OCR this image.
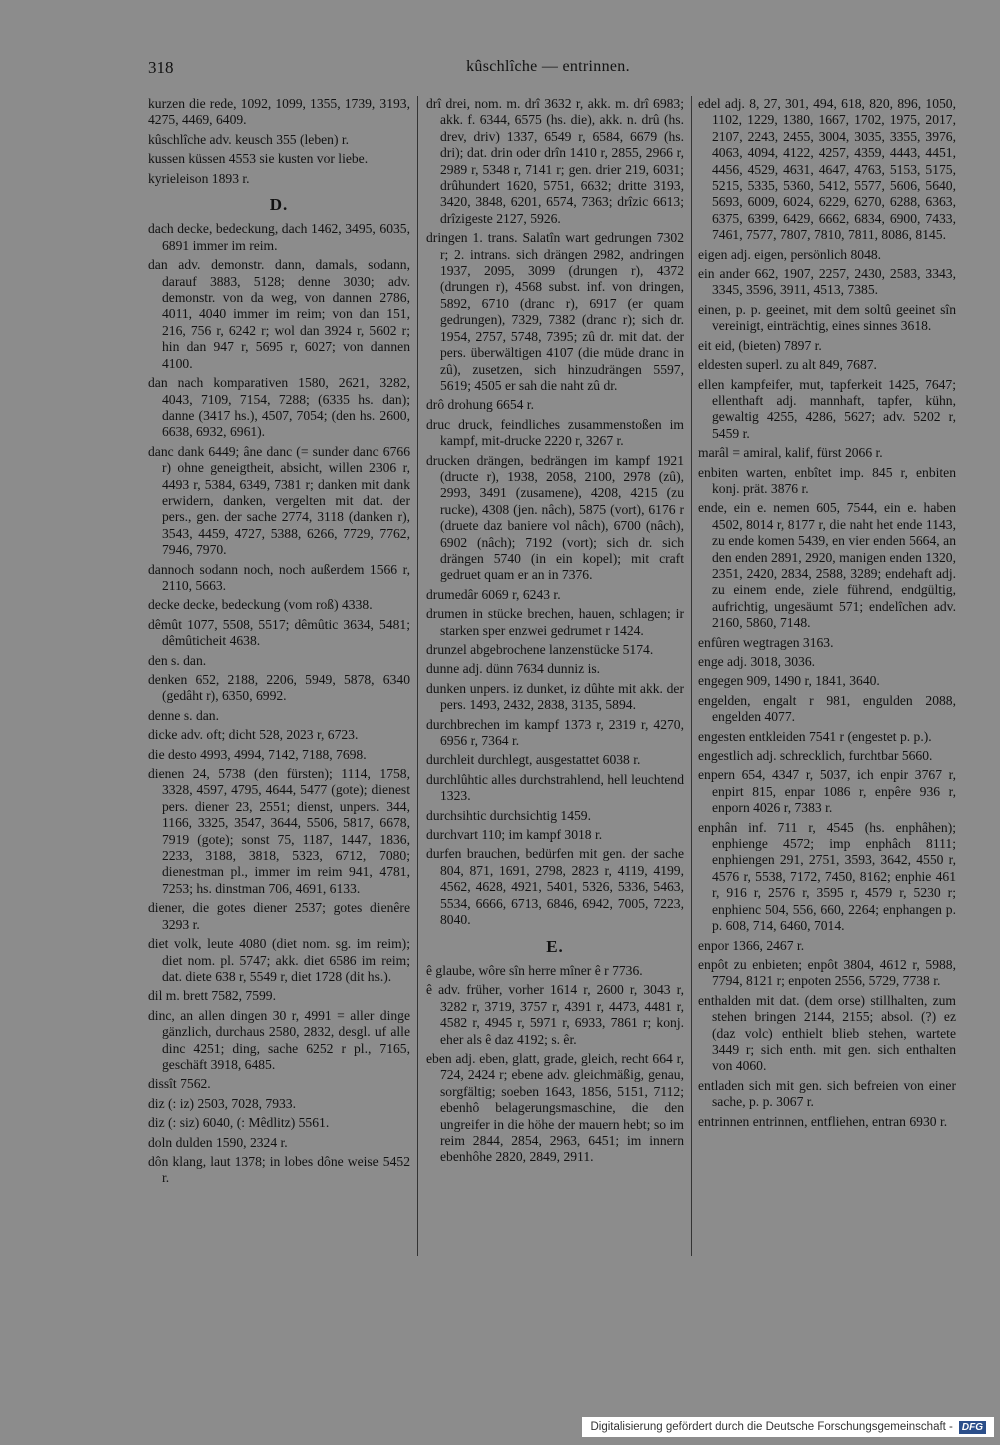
318	kûschlîche — entrinnen.
kurzen die rede, 1092, 1099, 1355, 1739, 3193, 4275, 4469, 6409.
kûschlîche adv. keusch 355 (leben) r.
kussen küssen 4553 sie kusten vor liebe.
kyrieleison 1893 r.
D.
dach decke, bedeckung, dach 1462, 3495, 6035, 6891 immer im reim.
dan adv. demonstr. dann, damals, sodann, darauf 3883, 5128; denne 3030; adv. demonstr. von da weg, von dannen 2786, 4011, 4040 immer im reim; von dan 151, 216, 756 r, 6242 r; wol dan 3924 r, 5602 r; hin dan 947 r, 5695 r, 6027; von dannen 4100.
dan nach komparativen 1580, 2621, 3282, 4043, 7109, 7154, 7288; (6335 hs. dan); danne (3417 hs.), 4507, 7054; (den hs. 2600, 6638, 6932, 6961).
danc dank 6449; âne danc (= sunder danc 6766 r) ohne geneigtheit, absicht, willen 2306 r, 4493 r, 5384, 6349, 7381 r; danken mit dank erwidern, danken, vergelten mit dat. der pers., gen. der sache 2774, 3118 (danken r), 3543, 4459, 4727, 5388, 6266, 7729, 7762, 7946, 7970.
dannoch sodann noch, noch außerdem 1566 r, 2110, 5663.
decke decke, bedeckung (vom roß) 4338.
dêmût 1077, 5508, 5517; dêmûtic 3634, 5481; dêmûticheit 4638.
den s. dan.
denken 652, 2188, 2206, 5949, 5878, 6340 (gedâht r), 6350, 6992.
denne s. dan.
dicke adv. oft; dicht 528, 2023 r, 6723.
die desto 4993, 4994, 7142, 7188, 7698.
dienen 24, 5738 (den fürsten); 1114, 1758, 3328, 4597, 4795, 4644, 5477 (gote); dienest pers. diener 23, 2551; dienst, unpers. 344, 1166, 3325, 3547, 3644, 5506, 5817, 6678, 7919 (gote); sonst 75, 1187, 1447, 1836, 2233, 3188, 3818, 5323, 6712, 7080; dienestman pl., immer im reim 941, 4781, 7253; hs. dinstman 706, 4691, 6133.
diener, die gotes diener 2537; gotes dienêre 3293 r.
diet volk, leute 4080 (diet nom. sg. im reim); diet nom. pl. 5747; akk. diet 6586 im reim; dat. diete 638 r, 5549 r, diet 1728 (dit hs.).
dil m. brett 7582, 7599.
dinc, an allen dingen 30 r, 4991 = aller dinge gänzlich, durchaus 2580, 2832, desgl. uf alle dinc 4251; ding, sache 6252 r pl., 7165, geschäft 3918, 6485.
dissît 7562.
diz (: iz) 2503, 7028, 7933.
diz (: siz) 6040, (: Mêdlitz) 5561.
doln dulden 1590, 2324 r.
dôn klang, laut 1378; in lobes dône weise 5452 r.
drî drei, nom. m. drî 3632 r, akk. m. drî 6983; akk. f. 6344, 6575 (hs. die), akk. n. drû (hs. drev, driv) 1337, 6549 r, 6584, 6679 (hs. dri); dat. drin oder drîn 1410 r, 2855, 2966 r, 2989 r, 5348 r, 7141 r; gen. drier 219, 6031; drûhundert 1620, 5751, 6632; dritte 3193, 3420, 3848, 6201, 6574, 7363; drîzic 6613; drîzigeste 2127, 5926.
dringen 1. trans. Salatîn wart gedrungen 7302 r; 2. intrans. sich drängen 2982, andringen 1937, 2095, 3099 (drungen r), 4372 (drungen r), 4568 subst. inf. von dringen, 5892, 6710 (dranc r), 6917 (er quam gedrungen), 7329, 7382 (dranc r); sich dr. 1954, 2757, 5748, 7395; zû dr. mit dat. der pers. überwältigen 4107 (die müde dranc in zû), zusetzen, sich hinzudrängen 5597, 5619; 4505 er sah die naht zû dr.
drô drohung 6654 r.
druc druck, feindliches zusammenstoßen im kampf, mit-drucke 2220 r, 3267 r.
drucken drängen, bedrängen im kampf 1921 (dructe r), 1938, 2058, 2100, 2978 (zû), 2993, 3491 (zusamene), 4208, 4215 (zu rucke), 4308 (jen. nâch), 5875 (vort), 6176 r (druete daz baniere vol nâch), 6700 (nâch), 6902 (nâch); 7192 (vort); sich dr. sich drängen 5740 (in ein kopel); mit craft gedruet quam er an in 7376.
drumedâr 6069 r, 6243 r.
drumen in stücke brechen, hauen, schlagen; ir starken sper enzwei gedrumet r 1424.
drunzel abgebrochene lanzenstücke 5174.
dunne adj. dünn 7634 dunniz is.
dunken unpers. iz dunket, iz dûhte mit akk. der pers. 1493, 2432, 2838, 3135, 5894.
durchbrechen im kampf 1373 r, 2319 r, 4270, 6956 r, 7364 r.
durchleit durchlegt, ausgestattet 6038 r.
durchlûhtic alles durchstrahlend, hell leuchtend 1323.
durchsihtic durchsichtig 1459.
durchvart 110; im kampf 3018 r.
durfen brauchen, bedürfen mit gen. der sache 804, 871, 1691, 2798, 2823 r, 4119, 4199, 4562, 4628, 4921, 5401, 5326, 5336, 5463, 5534, 6666, 6713, 6846, 6942, 7005, 7223, 8040.
E.
ê glaube, wôre sîn herre mîner ê r 7736.
ê adv. früher, vorher 1614 r, 2600 r, 3043 r, 3282 r, 3719, 3757 r, 4391 r, 4473, 4481 r, 4582 r, 4945 r, 5971 r, 6933, 7861 r; konj. eher als ê daz 4192; s. êr.
eben adj. eben, glatt, grade, gleich, recht 664 r, 724, 2424 r; ebene adv. gleichmäßig, genau, sorgfältig; soeben 1643, 1856, 5151, 7112; ebenhô belagerungsmaschine, die den ungreifer in die höhe der mauern hebt; so im reim 2844, 2854, 2963, 6451; im innern ebenhôhe 2820, 2849, 2911.
edel adj. 8, 27, 301, 494, 618, 820, 896, 1050, 1102, 1229, 1380, 1667, 1702, 1975, 2017, 2107, 2243, 2455, 3004, 3035, 3355, 3976, 4063, 4094, 4122, 4257, 4359, 4443, 4451, 4456, 4529, 4631, 4647, 4763, 5153, 5175, 5215, 5335, 5360, 5412, 5577, 5606, 5640, 5693, 6009, 6024, 6229, 6270, 6288, 6363, 6375, 6399, 6429, 6662, 6834, 6900, 7433, 7461, 7577, 7807, 7810, 7811, 8086, 8145.
eigen adj. eigen, persönlich 8048.
ein ander 662, 1907, 2257, 2430, 2583, 3343, 3345, 3596, 3911, 4513, 7385.
einen, p. p. geeinet, mit dem soltû geeinet sîn vereinigt, einträchtig, eines sinnes 3618.
eit eid, (bieten) 7897 r.
eldesten superl. zu alt 849, 7687.
ellen kampfeifer, mut, tapferkeit 1425, 7647; ellenthaft adj. mannhaft, tapfer, kühn, gewaltig 4255, 4286, 5627; adv. 5202 r, 5459 r.
marâl = amiral, kalif, fürst 2066 r.
enbiten warten, enbîtet imp. 845 r, enbiten konj. prät. 3876 r.
ende, ein e. nemen 605, 7544, ein e. haben 4502, 8014 r, 8177 r, die naht het ende 1143, zu ende komen 5439, en vier enden 5664, an den enden 2891, 2920, manigen enden 1320, 2351, 2420, 2834, 2588, 3289; endehaft adj. zu einem ende, ziele führend, endgültig, aufrichtig, ungesäumt 571; endelîchen adv. 2160, 5860, 7148.
enfûren wegtragen 3163.
enge adj. 3018, 3036.
engegen 909, 1490 r, 1841, 3640.
engelden, engalt r 981, engulden 2088, engelden 4077.
engesten entkleiden 7541 r (engestet p. p.).
engestlich adj. schrecklich, furchtbar 5660.
enpern 654, 4347 r, 5037, ich enpir 3767 r, enpirt 815, enpar 1086 r, enpêre 936 r, enporn 4026 r, 7383 r.
enphân inf. 711 r, 4545 (hs. enphâhen); enphienge 4572; imp enphâch 8111; enphiengen 291, 2751, 3593, 3642, 4550 r, 4576 r, 5538, 7172, 7450, 8162; enphie 461 r, 916 r, 2576 r, 3595 r, 4579 r, 5230 r; enphienc 504, 556, 660, 2264; enphangen p. p. 608, 714, 6460, 7014.
enpor 1366, 2467 r.
enpôt zu enbieten; enpôt 3804, 4612 r, 5988, 7794, 8121 r; enpoten 2556, 5729, 7738 r.
enthalden mit dat. (dem orse) stillhalten, zum stehen bringen 2144, 2155; absol. (?) ez (daz volc) enthielt blieb stehen, wartete 3449 r; sich enth. mit gen. sich enthalten von 4060.
entladen sich mit gen. sich befreien von einer sache, p. p. 3067 r.
entrinnen entrinnen, entfliehen, entran 6930 r.
Digitalisierung gefördert durch die Deutsche Forschungsgemeinschaft - DFG
